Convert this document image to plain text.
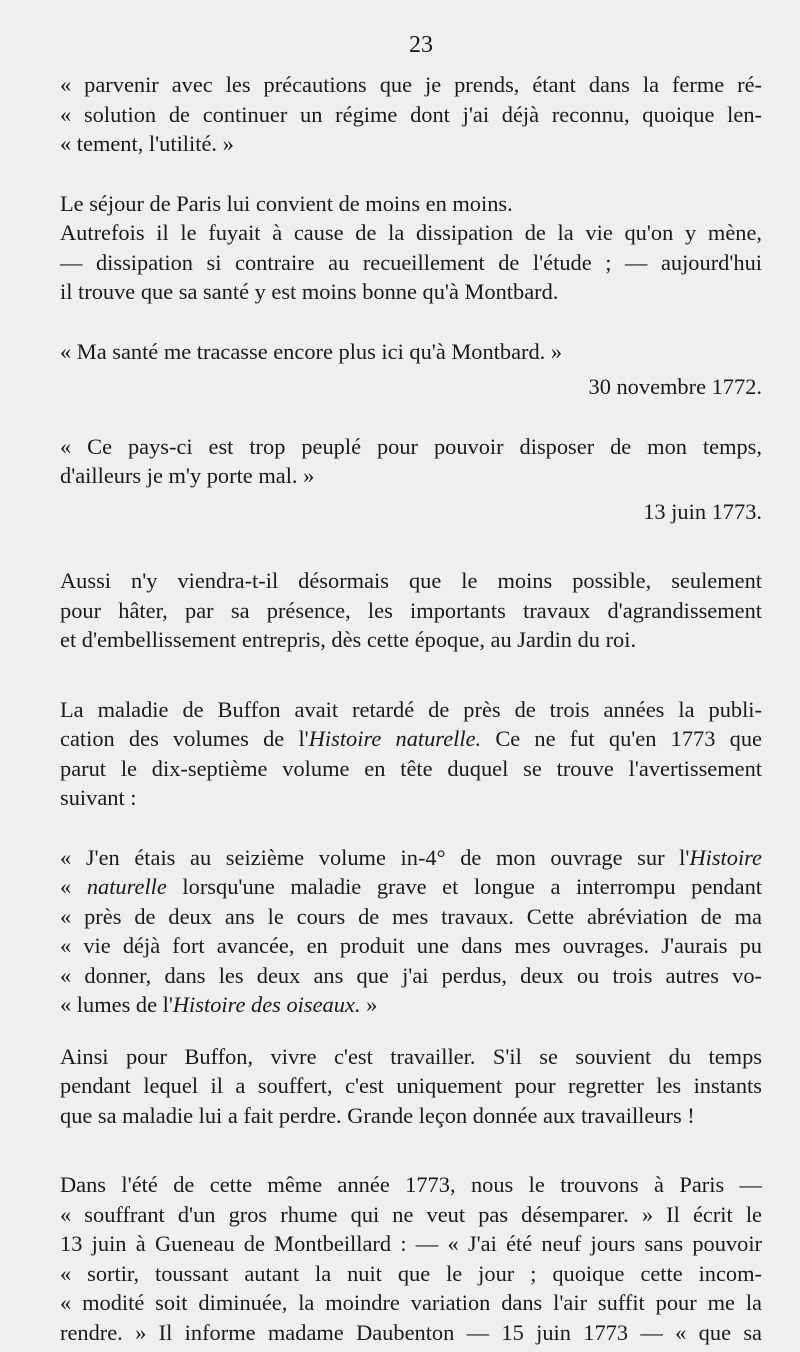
23

« parvenir avec les précautions que je prends, étant dans la ferme ré-
« solution de continuer un régime dont j'ai déjà reconnu, quoique len-
« tement, l'utilité. »

Le séjour de Paris lui convient de moins en moins.
Autrefois il le fuyait à cause de la dissipation de la vie qu'on y mène,
— dissipation si contraire au recueillement de l'étude ; — aujourd'hui
il trouve que sa santé y est moins bonne qu'à Montbard.

« Ma santé me tracasse encore plus ici qu'à Montbard. »

30 novembre 1772.

« Ce pays-ci est trop peuplé pour pouvoir disposer de mon temps,
d'ailleurs je m'y porte mal. »

13 juin 1773.

Aussi n'y viendra-t-il désormais que le moins possible, seulement
pour hâter, par sa présence, les importants travaux d'agrandissement
et d'embellissement entrepris, dès cette époque, au Jardin du roi.

La maladie de Buffon avait retardé de près de trois années la publi-
cation des volumes de l'Histoire naturelle. Ce ne fut qu'en 1773 que
parut le dix-septième volume en tête duquel se trouve l'avertissement
suivant :

« J'en étais au seizième volume in-4° de mon ouvrage sur l'Histoire
« naturelle lorsqu'une maladie grave et longue a interrompu pendant
« près de deux ans le cours de mes travaux. Cette abréviation de ma
« vie déjà fort avancée, en produit une dans mes ouvrages. J'aurais pu
« donner, dans les deux ans que j'ai perdus, deux ou trois autres vo-
« lumes de l'Histoire des oiseaux. »

Ainsi pour Buffon, vivre c'est travailler. S'il se souvient du temps
pendant lequel il a souffert, c'est uniquement pour regretter les instants
que sa maladie lui a fait perdre. Grande leçon donnée aux travailleurs !

Dans l'été de cette même année 1773, nous le trouvons à Paris —
« souffrant d'un gros rhume qui ne veut pas désemparer. » Il écrit le
13 juin à Gueneau de Montbeillard : — « J'ai été neuf jours sans pouvoir
« sortir, toussant autant la nuit que le jour ; quoique cette incom-
« modité soit diminuée, la moindre variation dans l'air suffit pour me la
rendre. » Il informe madame Daubenton — 15 juin 1773 — « que sa
